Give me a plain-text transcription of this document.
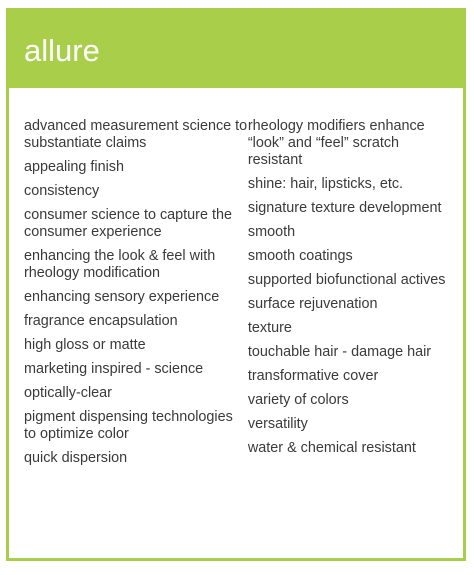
allure
advanced measurement science to substantiate claims
appealing finish
consistency
consumer science to capture the consumer experience
enhancing the look & feel with rheology modification
enhancing sensory experience
fragrance encapsulation
high gloss or matte
marketing inspired - science
optically-clear
pigment dispensing technologies to optimize color
quick dispersion
rheology modifiers enhance “look” and “feel” scratch resistant
shine: hair, lipsticks, etc.
signature texture development
smooth
smooth coatings
supported biofunctional actives
surface rejuvenation
texture
touchable hair - damage hair
transformative cover
variety of colors
versatility
water & chemical resistant
